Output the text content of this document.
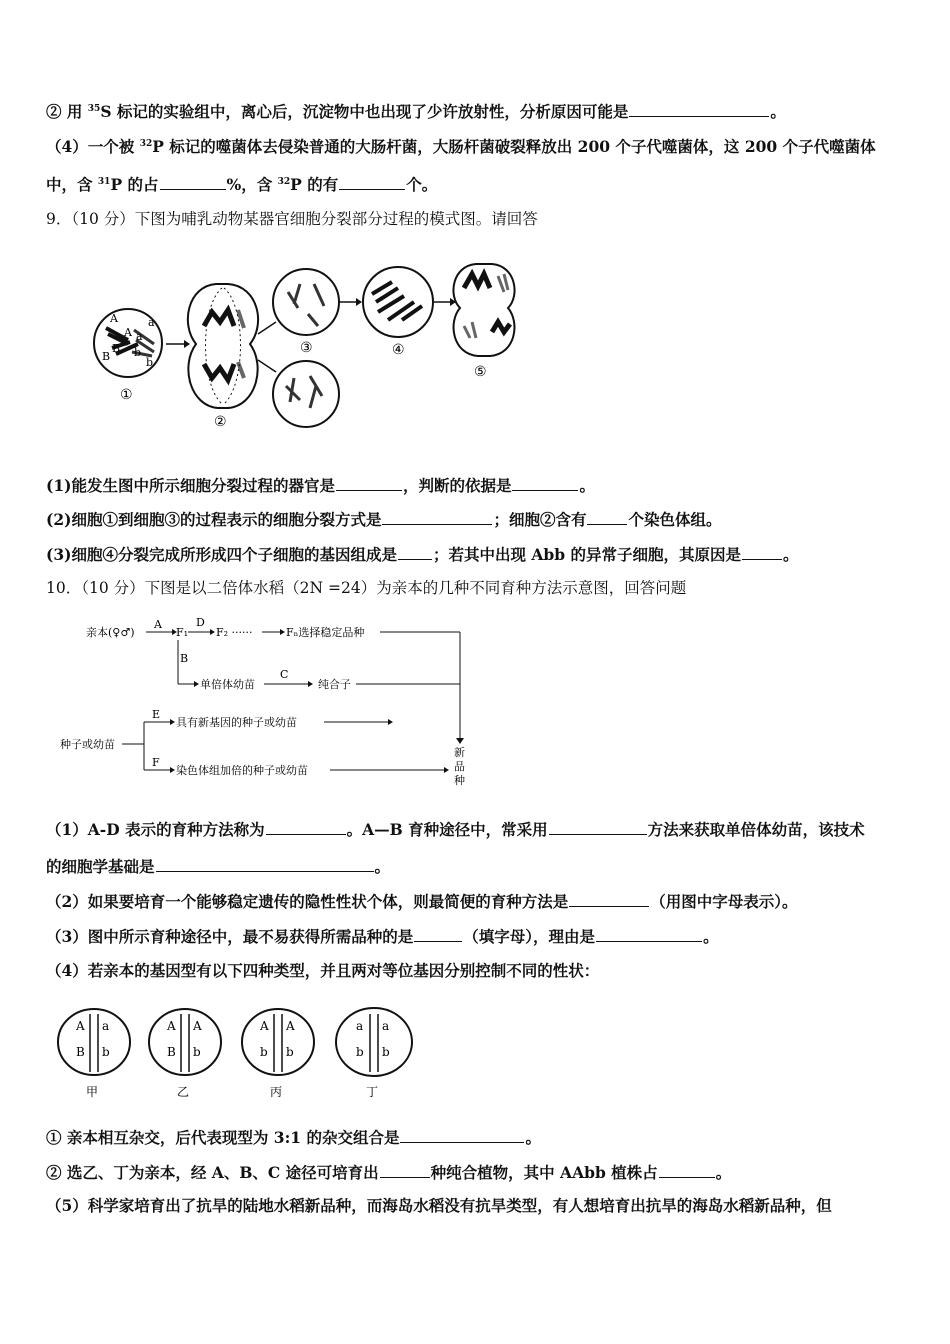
② 用 $^{35}$S 标记的实验组中，离心后，沉淀物中也出现了少许放射性，分析原因可能是	。
（4）一个被 $^{32}$P 标记的噬菌体去侵染普通的大肠杆菌，大肠杆菌破裂释放出 200 个子代噬菌体，这 200 个子代噬菌体
中，含 $^{31}$P 的占	%，含 $^{32}$P 的有	个。
9．（10 分）下图为哺乳动物某器官细胞分裂部分过程的模式图。请回答
A	a
A a
B
B b
b
①
②
③	④
⑤
(1)能发生图中所示细胞分裂过程的器官是	，判断的依据是	。
(2)细胞①到细胞③的过程表示的细胞分裂方式是	；细胞②含有	个染色体组。
(3)细胞④分裂完成所形成四个子细胞的基因组成是 ；若其中出现 Abb 的异常子细胞，其原因是	。
10．（10 分）下图是以二倍体水稻（2N =24）为亲本的几种不同育种方法示意图，回答问题
亲本(♀♂)
A
F₁
D
F₂ ······	Fₙ选择稳定品种
B
单倍体幼苗
C
纯合子
种子或幼苗
E
具有新基因的种子或幼苗
F
染色体组加倍的种子或幼苗
新
品
种
（1）A-D 表示的育种方法称为	。A—B 育种途径中，常采用	方法来获取单倍体幼苗，该技术
的细胞学基础是	。
（2）如果要培育一个能够稳定遗传的隐性性状个体，则最简便的育种方法是	（用图中字母表示）。
（3）图中所示育种途径中，最不易获得所需品种的是	（填字母），理由是	。
（4）若亲本的基因型有以下四种类型，并且两对等位基因分别控制不同的性状：
A a
B b
甲
A A
B b
乙
A A
b b
丙
a a
b b
丁
① 亲本相互杂交，后代表现型为 3:1 的杂交组合是	。
② 选乙、丁为亲本，经 A、B、C 途径可培育出	种纯合植物，其中 AAbb 植株占	。
（5）科学家培育出了抗旱的陆地水稻新品种，而海岛水稻没有抗旱类型，有人想培育出抗旱的海岛水稻新品种，但
